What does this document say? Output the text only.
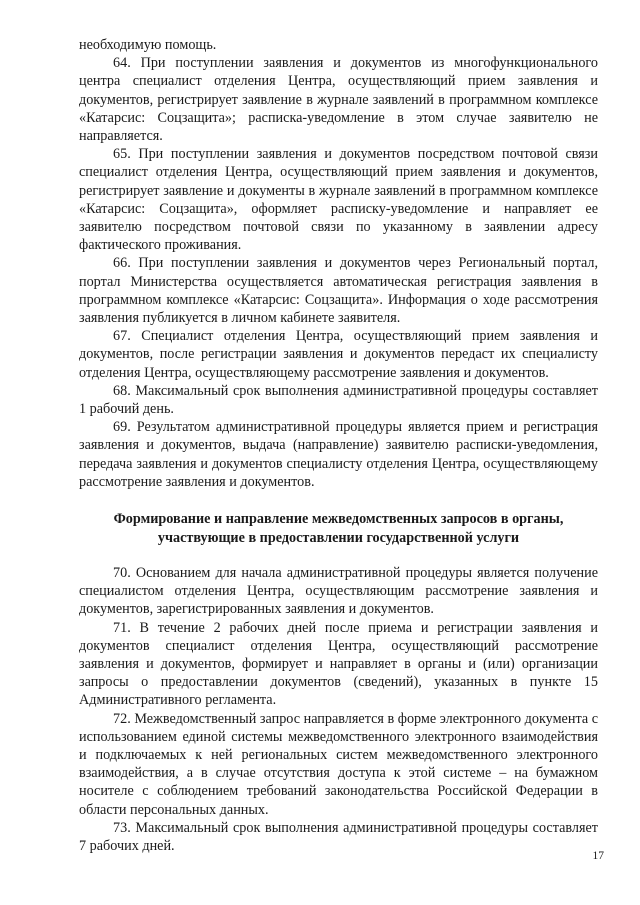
необходимую помощь.

64. При поступлении заявления и документов из многофункционального центра специалист отделения Центра, осуществляющий прием заявления и документов, регистрирует заявление в журнале заявлений в программном комплексе «Катарсис: Соцзащита»; расписка-уведомление в этом случае заявителю не направляется.

65. При поступлении заявления и документов посредством почтовой связи специалист отделения Центра, осуществляющий прием заявления и документов, регистрирует заявление и документы в журнале заявлений в программном комплексе «Катарсис: Соцзащита», оформляет расписку-уведомление и направляет ее заявителю посредством почтовой связи по указанному в заявлении адресу фактического проживания.

66. При поступлении заявления и документов через Региональный портал, портал Министерства осуществляется автоматическая регистрация заявления в программном комплексе «Катарсис: Соцзащита». Информация о ходе рассмотрения заявления публикуется в личном кабинете заявителя.

67. Специалист отделения Центра, осуществляющий прием заявления и документов, после регистрации заявления и документов передаст их специалисту отделения Центра, осуществляющему рассмотрение заявления и документов.

68. Максимальный срок выполнения административной процедуры составляет 1 рабочий день.

69. Результатом административной процедуры является прием и регистрация заявления и документов, выдача (направление) заявителю расписки-уведомления, передача заявления и документов специалисту отделения Центра, осуществляющему рассмотрение заявления и документов.

Формирование и направление межведомственных запросов в органы, участвующие в предоставлении государственной услуги

70. Основанием для начала административной процедуры является получение специалистом отделения Центра, осуществляющим рассмотрение заявления и документов, зарегистрированных заявления и документов.

71. В течение 2 рабочих дней после приема и регистрации заявления и документов специалист отделения Центра, осуществляющий рассмотрение заявления и документов, формирует и направляет в органы и (или) организации запросы о предоставлении документов (сведений), указанных в пункте 15 Административного регламента.

72. Межведомственный запрос направляется в форме электронного документа с использованием единой системы межведомственного электронного взаимодействия и подключаемых к ней региональных систем межведомственного электронного взаимодействия, а в случае отсутствия доступа к этой системе – на бумажном носителе с соблюдением требований законодательства Российской Федерации в области персональных данных.

73. Максимальный срок выполнения административной процедуры составляет 7 рабочих дней.

17
